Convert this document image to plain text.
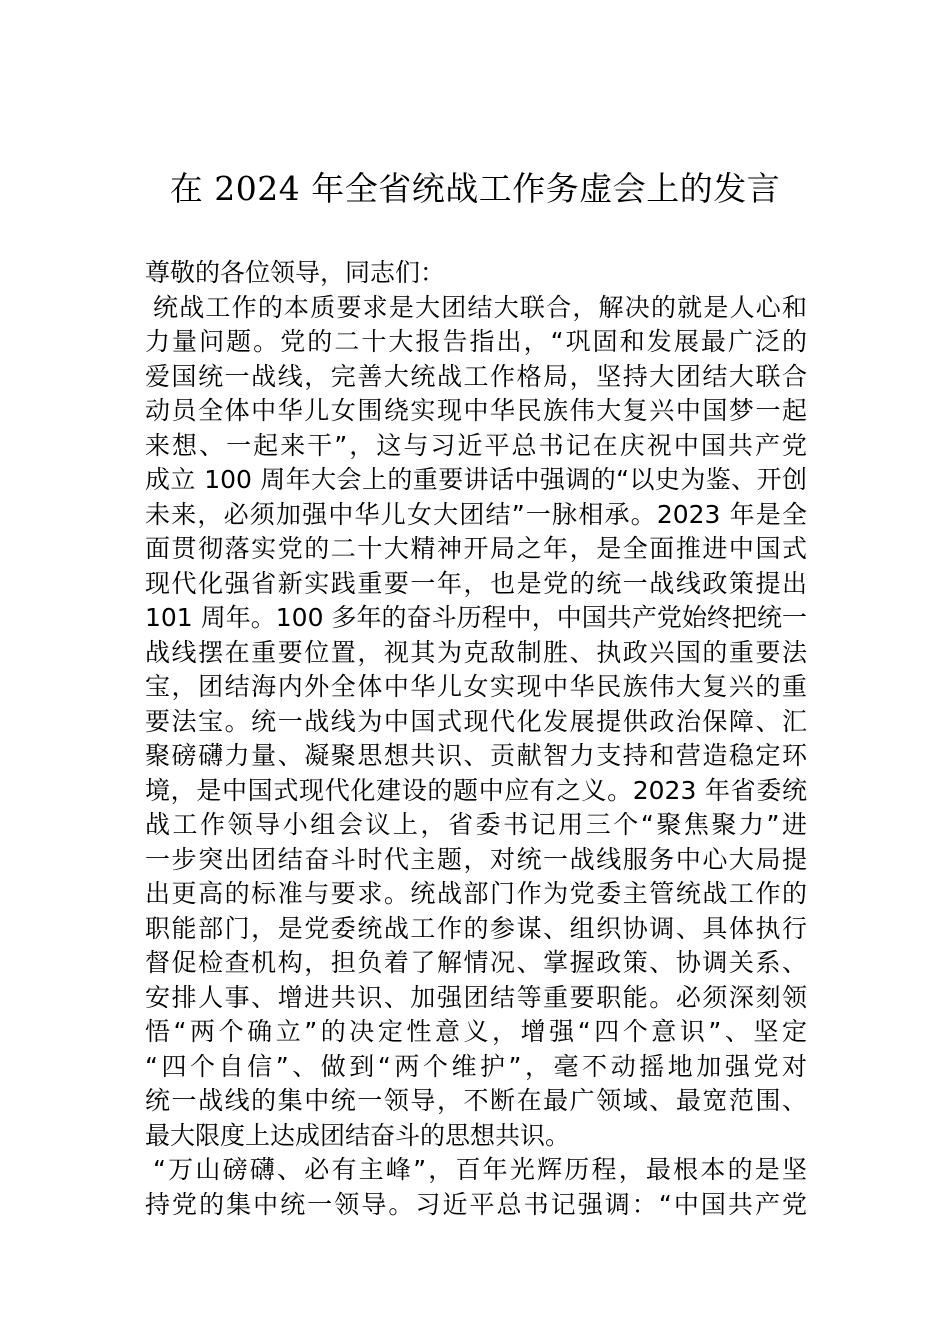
在 2024 年全省统战工作务虚会上的发言
尊敬的各位领导，同志们：
统战工作的本质要求是大团结大联合，解决的就是人心和
力量问题。党的二十大报告指出，“巩固和发展最广泛的
爱国统一战线，完善大统战工作格局，坚持大团结大联合
动员全体中华儿女围绕实现中华民族伟大复兴中国梦一起
来想、一起来干”，这与习近平总书记在庆祝中国共产党
成立 100 周年大会上的重要讲话中强调的“以史为鉴、开创
未来，必须加强中华儿女大团结”一脉相承。2023 年是全
面贯彻落实党的二十大精神开局之年，是全面推进中国式
现代化强省新实践重要一年，也是党的统一战线政策提出
101 周年。100 多年的奋斗历程中，中国共产党始终把统一
战线摆在重要位置，视其为克敌制胜、执政兴国的重要法
宝，团结海内外全体中华儿女实现中华民族伟大复兴的重
要法宝。统一战线为中国式现代化发展提供政治保障、汇
聚磅礴力量、凝聚思想共识、贡献智力支持和营造稳定环
境，是中国式现代化建设的题中应有之义。2023 年省委统
战工作领导小组会议上，省委书记用三个“聚焦聚力”进
一步突出团结奋斗时代主题，对统一战线服务中心大局提
出更高的标准与要求。统战部门作为党委主管统战工作的
职能部门，是党委统战工作的参谋、组织协调、具体执行
督促检查机构，担负着了解情况、掌握政策、协调关系、
安排人事、增进共识、加强团结等重要职能。必须深刻领
悟“两个确立”的决定性意义，增强“四个意识”、坚定
“四个自信”、做到“两个维护”，毫不动摇地加强党对
统一战线的集中统一领导，不断在最广领域、最宽范围、
最大限度上达成团结奋斗的思想共识。
“万山磅礴、必有主峰”，百年光辉历程，最根本的是坚
持党的集中统一领导。习近平总书记强调：“中国共产党
